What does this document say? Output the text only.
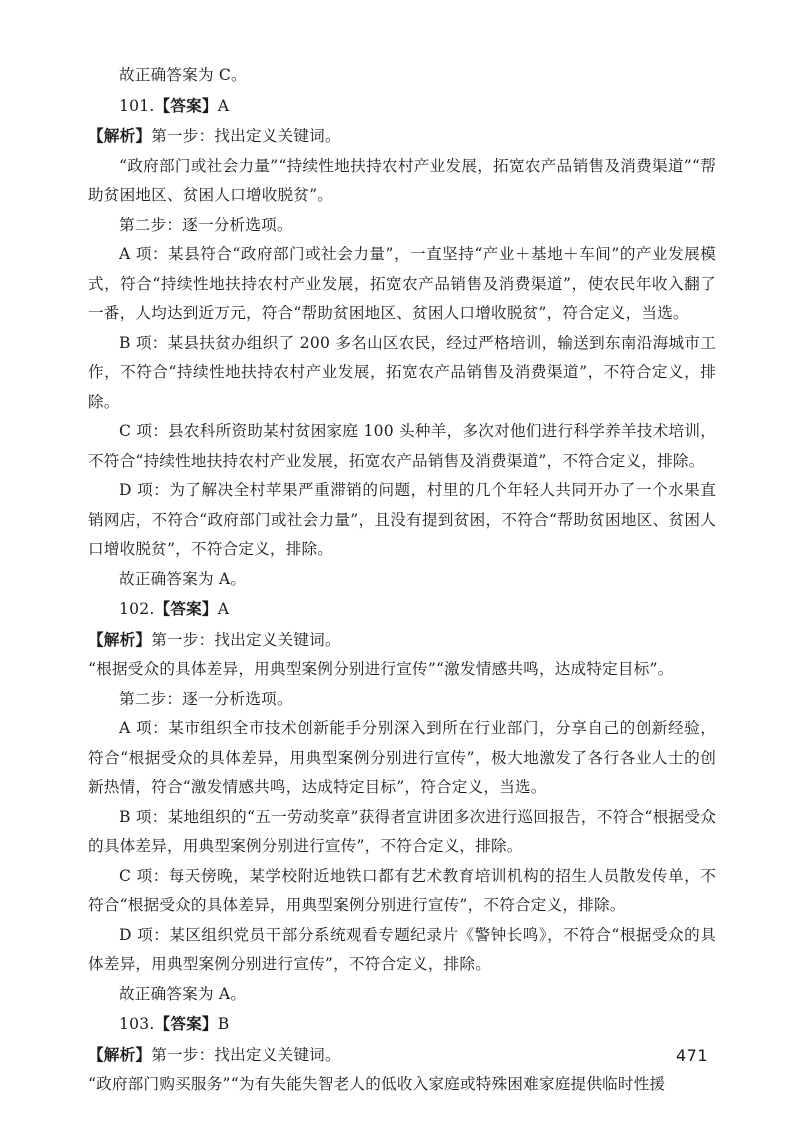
故正确答案为 C。

101.【答案】A

【解析】第一步：找出定义关键词。

“政府部门或社会力量”“持续性地扶持农村产业发展，拓宽农产品销售及消费渠道”“帮助贫困地区、贫困人口增收脱贫”。

第二步：逐一分析选项。

A 项：某县符合“政府部门或社会力量”，一直坚持“产业＋基地＋车间”的产业发展模式，符合“持续性地扶持农村产业发展，拓宽农产品销售及消费渠道”，使农民年收入翻了一番，人均达到近万元，符合“帮助贫困地区、贫困人口增收脱贫”，符合定义，当选。

B 项：某县扶贫办组织了 200 多名山区农民，经过严格培训，输送到东南沿海城市工作，不符合“持续性地扶持农村产业发展，拓宽农产品销售及消费渠道”，不符合定义，排除。

C 项：县农科所资助某村贫困家庭 100 头种羊，多次对他们进行科学养羊技术培训，不符合“持续性地扶持农村产业发展，拓宽农产品销售及消费渠道”，不符合定义，排除。

D 项：为了解决全村苹果严重滞销的问题，村里的几个年轻人共同开办了一个水果直销网店，不符合“政府部门或社会力量”，且没有提到贫困，不符合“帮助贫困地区、贫困人口增收脱贫”，不符合定义，排除。

故正确答案为 A。

102.【答案】A

【解析】第一步：找出定义关键词。

“根据受众的具体差异，用典型案例分别进行宣传”“激发情感共鸣，达成特定目标”。

第二步：逐一分析选项。

A 项：某市组织全市技术创新能手分别深入到所在行业部门，分享自己的创新经验，符合“根据受众的具体差异，用典型案例分别进行宣传”，极大地激发了各行各业人士的创新热情，符合“激发情感共鸣，达成特定目标”，符合定义，当选。

B 项：某地组织的“五一劳动奖章”获得者宣讲团多次进行巡回报告，不符合“根据受众的具体差异，用典型案例分别进行宣传”，不符合定义，排除。

C 项：每天傍晚，某学校附近地铁口都有艺术教育培训机构的招生人员散发传单，不符合“根据受众的具体差异，用典型案例分别进行宣传”，不符合定义，排除。

D 项：某区组织党员干部分系统观看专题纪录片《警钟长鸣》，不符合“根据受众的具体差异，用典型案例分别进行宣传”，不符合定义，排除。

故正确答案为 A。

103.【答案】B

【解析】第一步：找出定义关键词。

“政府部门购买服务”“为有失能失智老人的低收入家庭或特殊困难家庭提供临时性援

471
